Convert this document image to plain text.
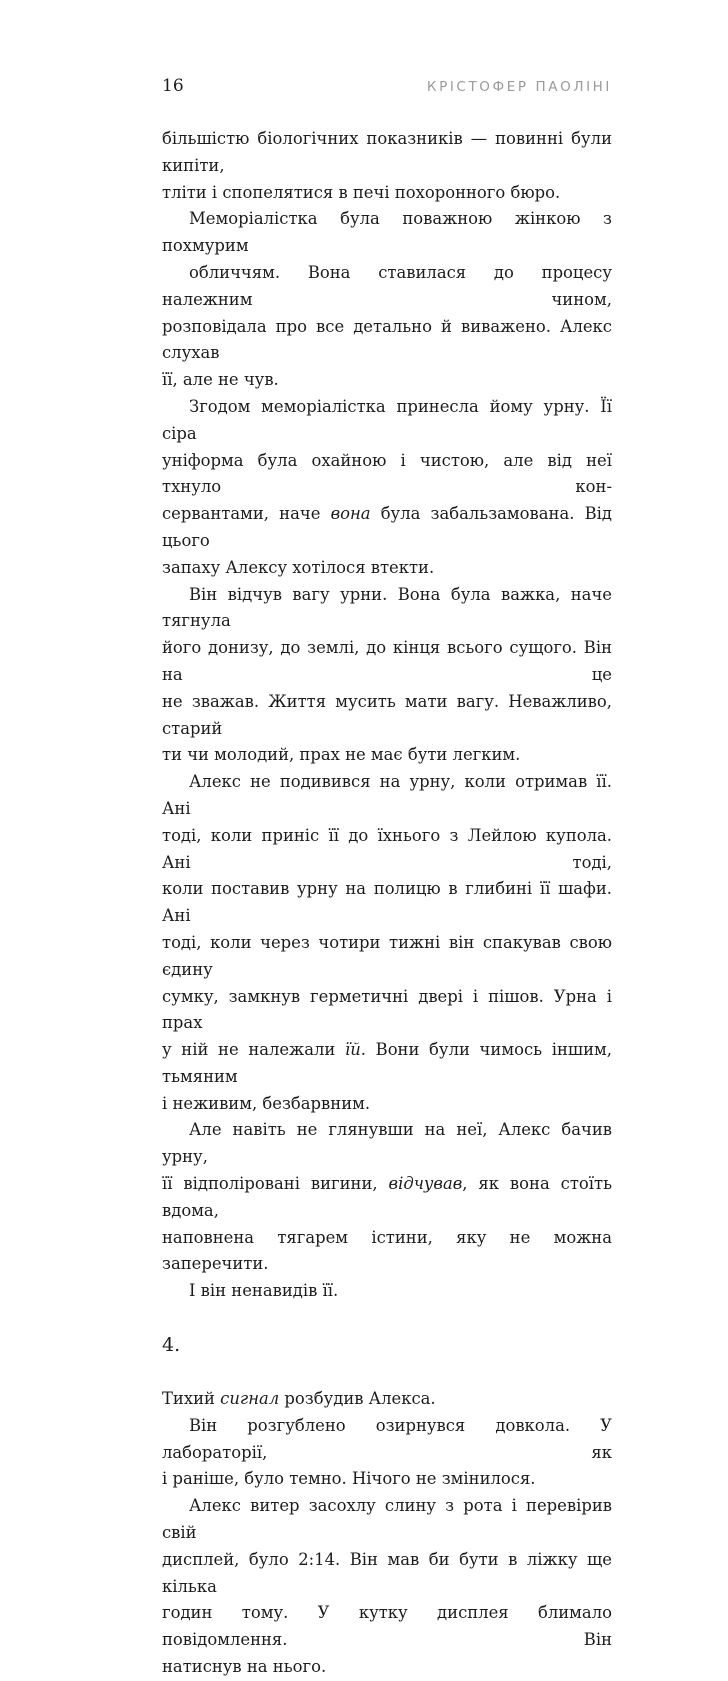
16	КРІСТОФЕР ПАОЛІНІ

більшістю біологічних показників — повинні були кипіти,
тліти і спопелятися в печі похоронного бюро.

Меморіалістка була поважною жінкою з похмурим
обличчям. Вона ставилася до процесу належним чином,
розповідала про все детально й виважено. Алекс слухав
її, але не чув.

Згодом меморіалістка принесла йому урну. Її сіра
уніформа була охайною і чистою, але від неї тхнуло кон-
сервантами, наче вона була забальзамована. Від цього
запаху Алексу хотілося втекти.

Він відчув вагу урни. Вона була важка, наче тягнула
його донизу, до землі, до кінця всього сущого. Він на це
не зважав. Життя мусить мати вагу. Неважливо, старий
ти чи молодий, прах не має бути легким.

Алекс не подивився на урну, коли отримав її. Ані
тоді, коли приніс її до їхнього з Лейлою купола. Ані тоді,
коли поставив урну на полицю в глибині її шафи. Ані
тоді, коли через чотири тижні він спакував свою єдину
сумку, замкнув герметичні двері і пішов. Урна і прах
у ній не належали їй. Вони були чимось іншим, тьмяним
і неживим, безбарвним.

Але навіть не глянувши на неї, Алекс бачив урну,
її відполіровані вигини, відчував, як вона стоїть вдома,
наповнена тягарем істини, яку не можна заперечити.

І він ненавидів її.

4.

Тихий сигнал розбудив Алекса.

Він розгублено озирнувся довкола. У лабораторії, як
і раніше, було темно. Нічого не змінилося.

Алекс витер засохлу слину з рота і перевірив свій
дисплей, було 2:14. Він мав би бути в ліжку ще кілька
годин тому. У кутку дисплея блимало повідомлення. Він
натиснув на нього.
